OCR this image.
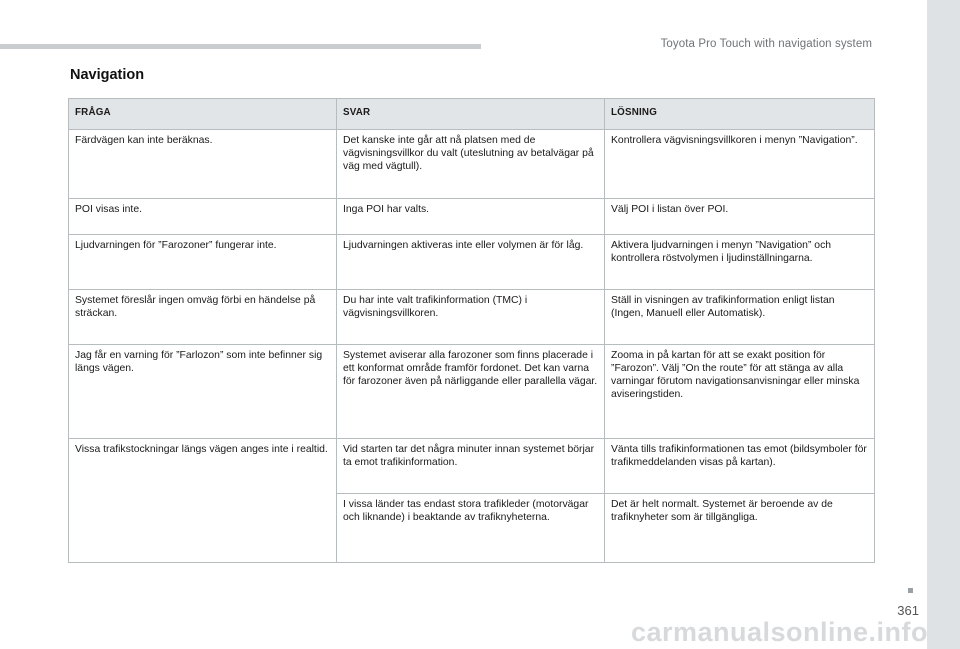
Toyota Pro Touch with navigation system
Navigation
FRÅGA	SVAR	LÖSNING
Färdvägen kan inte beräknas.	Det kanske inte går att nå platsen med de vägvisningsvillkor du valt (uteslutning av betalvägar på väg med vägtull).	Kontrollera vägvisningsvillkoren i menyn ”Navigation”.
POI visas inte.	Inga POI har valts.	Välj POI i listan över POI.
Ljudvarningen för ”Farozoner” fungerar inte.	Ljudvarningen aktiveras inte eller volymen är för låg.	Aktivera ljudvarningen i menyn ”Navigation” och kontrollera röstvolymen i ljudinställningarna.
Systemet föreslår ingen omväg förbi en händelse på sträckan.	Du har inte valt trafikinformation (TMC) i vägvisningsvillkoren.	Ställ in visningen av trafikinformation enligt listan (Ingen, Manuell eller Automatisk).
Jag får en varning för ”Farlozon” som inte befinner sig längs vägen.	Systemet aviserar alla farozoner som finns placerade i ett konformat område framför fordonet. Det kan varna för farozoner även på närliggande eller parallella vägar.	Zooma in på kartan för att se exakt position för ”Farozon”. Välj ”On the route” för att stänga av alla varningar förutom navigationsanvisningar eller minska aviseringstiden.
Vissa trafikstockningar längs vägen anges inte i realtid.	Vid starten tar det några minuter innan systemet börjar ta emot trafikinformation.	Vänta tills trafikinformationen tas emot (bildsymboler för trafikmeddelanden visas på kartan).
	I vissa länder tas endast stora trafikleder (motorvägar och liknande) i beaktande av trafiknyheterna.	Det är helt normalt. Systemet är beroende av de trafiknyheter som är tillgängliga.
361
carmanualsonline.info
